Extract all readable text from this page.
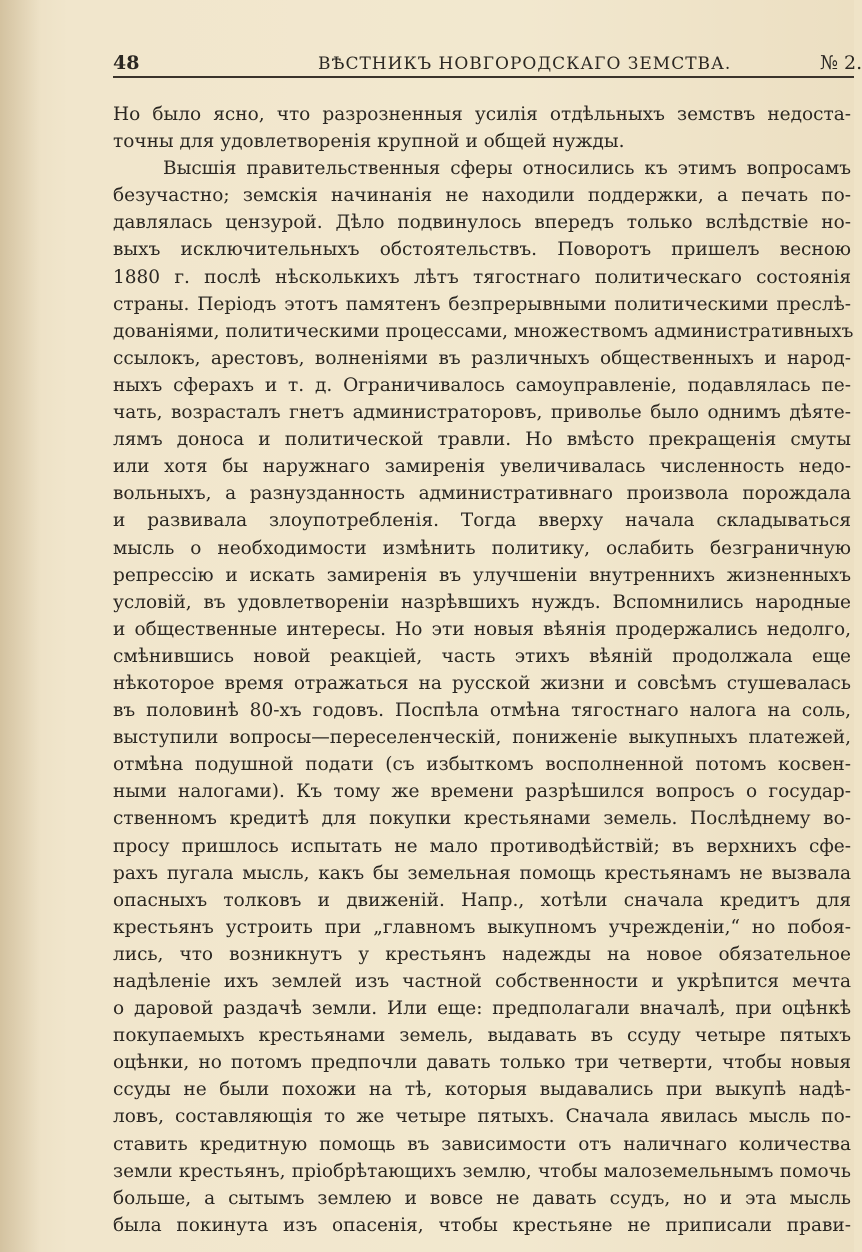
48	ВѢСТНИКЪ НОВГОРОДСКАГО ЗЕМСТВА.	№ 2.
Но было ясно, что разрозненныя усилія отдѣльныхъ земствъ недоста-
точны для удовлетворенія крупной и общей нужды.
Высшія правительственныя сферы относились къ этимъ вопросамъ
безучастно; земскія начинанія не находили поддержки, а печать по-
давлялась цензурой. Дѣло подвинулось впередъ только вслѣдствіе но-
выхъ исключительныхъ обстоятельствъ. Поворотъ пришелъ весною
1880 г. послѣ нѣсколькихъ лѣтъ тягостнаго политическаго состоянія
страны. Періодъ этотъ памятенъ безпрерывными политическими преслѣ-
дованіями, политическими процессами, множествомъ административныхъ
ссылокъ, арестовъ, волненіями въ различныхъ общественныхъ и народ-
ныхъ сферахъ и т. д. Ограничивалось самоуправленіе, подавлялась пе-
чать, возрасталъ гнетъ администраторовъ, приволье было однимъ дѣяте-
лямъ доноса и политической травли. Но вмѣсто прекращенія смуты
или хотя бы наружнаго замиренія увеличивалась численность недо-
вольныхъ, а разнузданность административнаго произвола порождала
и развивала злоупотребленія. Тогда вверху начала складываться
мысль о необходимости измѣнить политику, ослабить безграничную
репрессію и искать замиренія въ улучшеніи внутреннихъ жизненныхъ
условій, въ удовлетвореніи назрѣвшихъ нуждъ. Вспомнились народные
и общественные интересы. Но эти новыя вѣянія продержались недолго,
смѣнившись новой реакціей, часть этихъ вѣяній продолжала еще
нѣкоторое время отражаться на русской жизни и совсѣмъ стушевалась
въ половинѣ 80-хъ годовъ. Поспѣла отмѣна тягостнаго налога на соль,
выступили вопросы—переселенческій, пониженіе выкупныхъ платежей,
отмѣна подушной подати (съ избыткомъ восполненной потомъ косвен-
ными налогами). Къ тому же времени разрѣшился вопросъ о государ-
ственномъ кредитѣ для покупки крестьянами земель. Послѣднему во-
просу пришлось испытать не мало противодѣйствій; въ верхнихъ сфе-
рахъ пугала мысль, какъ бы земельная помощь крестьянамъ не вызвала
опасныхъ толковъ и движеній. Напр., хотѣли сначала кредитъ для
крестьянъ устроить при „главномъ выкупномъ учрежденіи,“ но побоя-
лись, что возникнутъ у крестьянъ надежды на новое обязательное
надѣленіе ихъ землей изъ частной собственности и укрѣпится мечта
о даровой раздачѣ земли. Или еще: предполагали вначалѣ, при оцѣнкѣ
покупаемыхъ крестьянами земель, выдавать въ ссуду четыре пятыхъ
оцѣнки, но потомъ предпочли давать только три четверти, чтобы новыя
ссуды не были похожи на тѣ, которыя выдавались при выкупѣ надѣ-
ловъ, составляющія то же четыре пятыхъ. Сначала явилась мысль по-
ставить кредитную помощь въ зависимости отъ наличнаго количества
земли крестьянъ, пріобрѣтающихъ землю, чтобы малоземельнымъ помочь
больше, а сытымъ землею и вовсе не давать ссудъ, но и эта мысль
была покинута изъ опасенія, чтобы крестьяне не приписали прави-
